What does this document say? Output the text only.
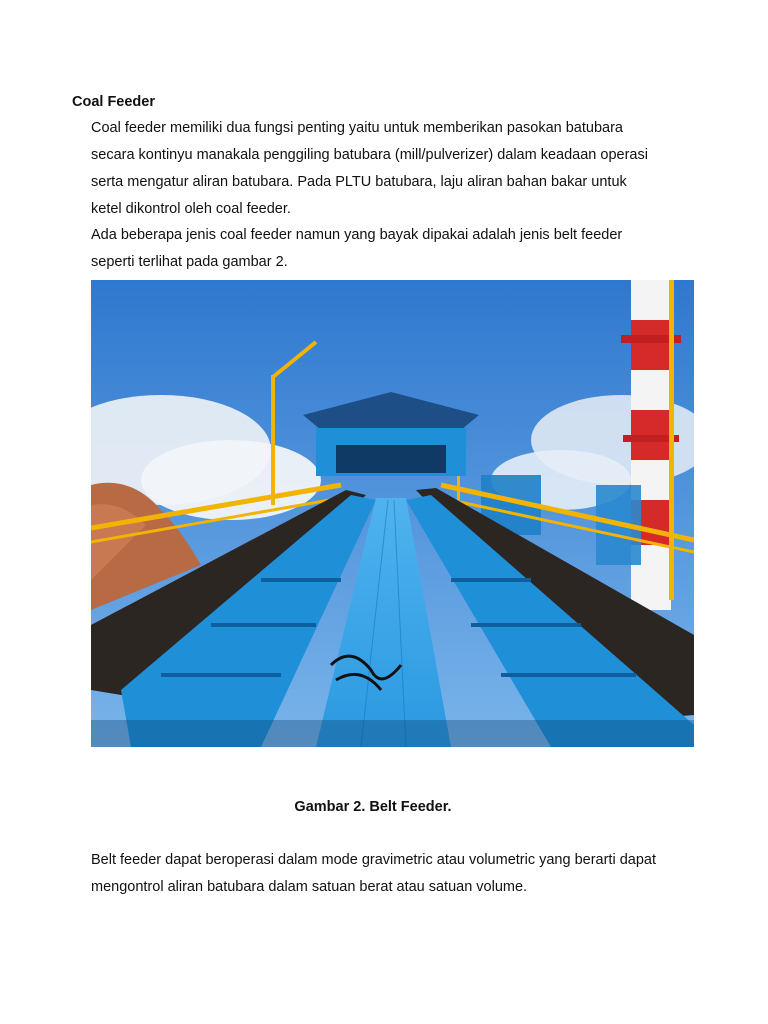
Coal Feeder

Coal feeder memiliki dua fungsi penting yaitu untuk memberikan pasokan batubara
secara kontinyu manakala penggiling batubara (mill/pulverizer) dalam keadaan operasi
serta mengatur aliran batubara. Pada PLTU batubara, laju aliran bahan bakar untuk
ketel dikontrol oleh coal feeder.

Ada beberapa jenis coal feeder namun yang bayak dipakai adalah jenis belt feeder
seperti terlihat pada gambar 2.

Gambar 2. Belt Feeder.

Belt feeder dapat beroperasi dalam mode gravimetric atau volumetric yang berarti dapat
mengontrol aliran batubara dalam satuan berat atau satuan volume.
